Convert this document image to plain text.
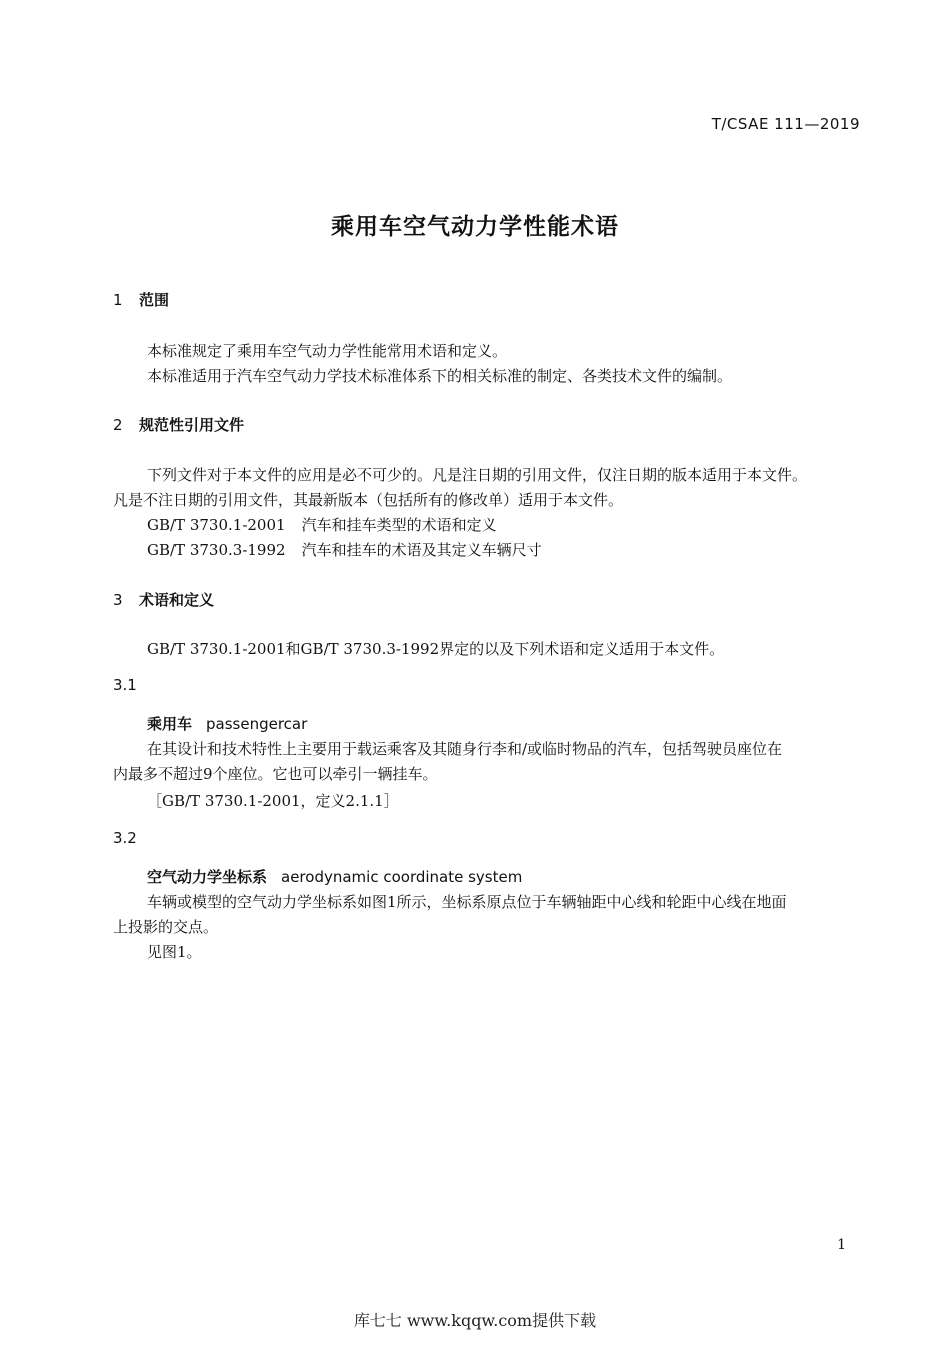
T/CSAE 111—2019
乘用车空气动力学性能术语
1 范围
本标准规定了乘用车空气动力学性能常用术语和定义。
本标准适用于汽车空气动力学技术标准体系下的相关标准的制定、各类技术文件的编制。
2 规范性引用文件
下列文件对于本文件的应用是必不可少的。凡是注日期的引用文件，仅注日期的版本适用于本文件。
凡是不注日期的引用文件，其最新版本（包括所有的修改单）适用于本文件。
GB/T 3730.1-2001 汽车和挂车类型的术语和定义
GB/T 3730.3-1992 汽车和挂车的术语及其定义车辆尺寸
3 术语和定义
GB/T 3730.1-2001和GB/T 3730.3-1992界定的以及下列术语和定义适用于本文件。
3.1
乘用车 passengercar
在其设计和技术特性上主要用于载运乘客及其随身行李和/或临时物品的汽车，包括驾驶员座位在
内最多不超过9个座位。它也可以牵引一辆挂车。
［GB/T 3730.1-2001，定义2.1.1］
3.2
空气动力学坐标系 aerodynamic coordinate system
车辆或模型的空气动力学坐标系如图1所示，坐标系原点位于车辆轴距中心线和轮距中心线在地面
上投影的交点。
见图1。
1
库七七 www.kqqw.com提供下载
